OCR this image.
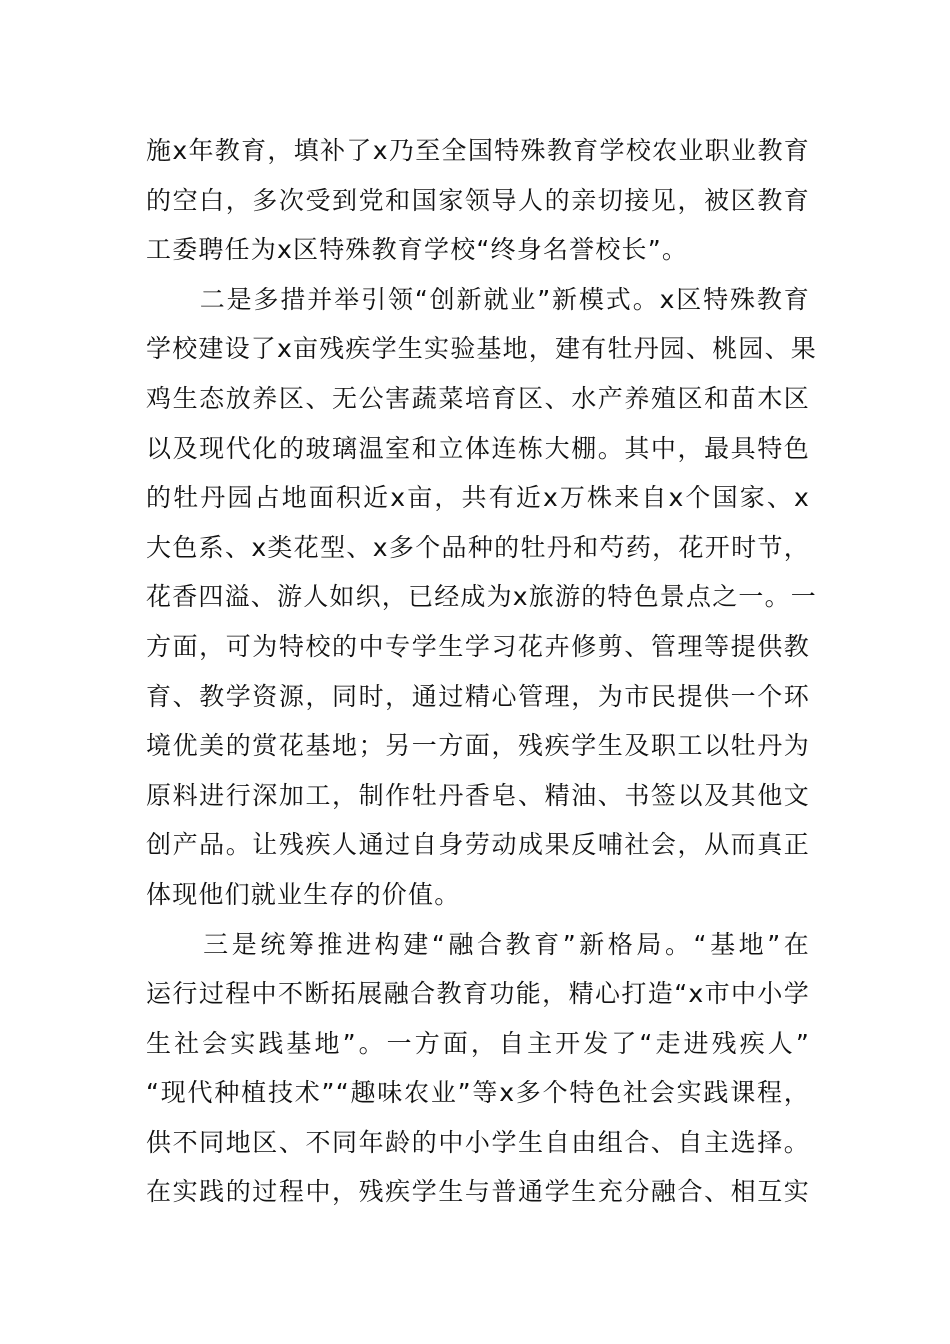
施x年教育，填补了x乃至全国特殊教育学校农业职业教育
的空白，多次受到党和国家领导人的亲切接见，被区教育
工委聘任为x区特殊教育学校“终身名誉校长”。
　　二是多措并举引领“创新就业”新模式。x区特殊教育
学校建设了x亩残疾学生实验基地，建有牡丹园、桃园、果
鸡生态放养区、无公害蔬菜培育区、水产养殖区和苗木区
以及现代化的玻璃温室和立体连栋大棚。其中，最具特色
的牡丹园占地面积近x亩，共有近x万株来自x个国家、x
大色系、x类花型、x多个品种的牡丹和芍药，花开时节，
花香四溢、游人如织，已经成为x旅游的特色景点之一。一
方面，可为特校的中专学生学习花卉修剪、管理等提供教
育、教学资源，同时，通过精心管理，为市民提供一个环
境优美的赏花基地；另一方面，残疾学生及职工以牡丹为
原料进行深加工，制作牡丹香皂、精油、书签以及其他文
创产品。让残疾人通过自身劳动成果反哺社会，从而真正
体现他们就业生存的价值。
　　三是统筹推进构建“融合教育”新格局。“基地”在
运行过程中不断拓展融合教育功能，精心打造“x市中小学
生社会实践基地”。一方面，自主开发了“走进残疾人”
“现代种植技术”“趣味农业”等x多个特色社会实践课程，
供不同地区、不同年龄的中小学生自由组合、自主选择。
在实践的过程中，残疾学生与普通学生充分融合、相互实
